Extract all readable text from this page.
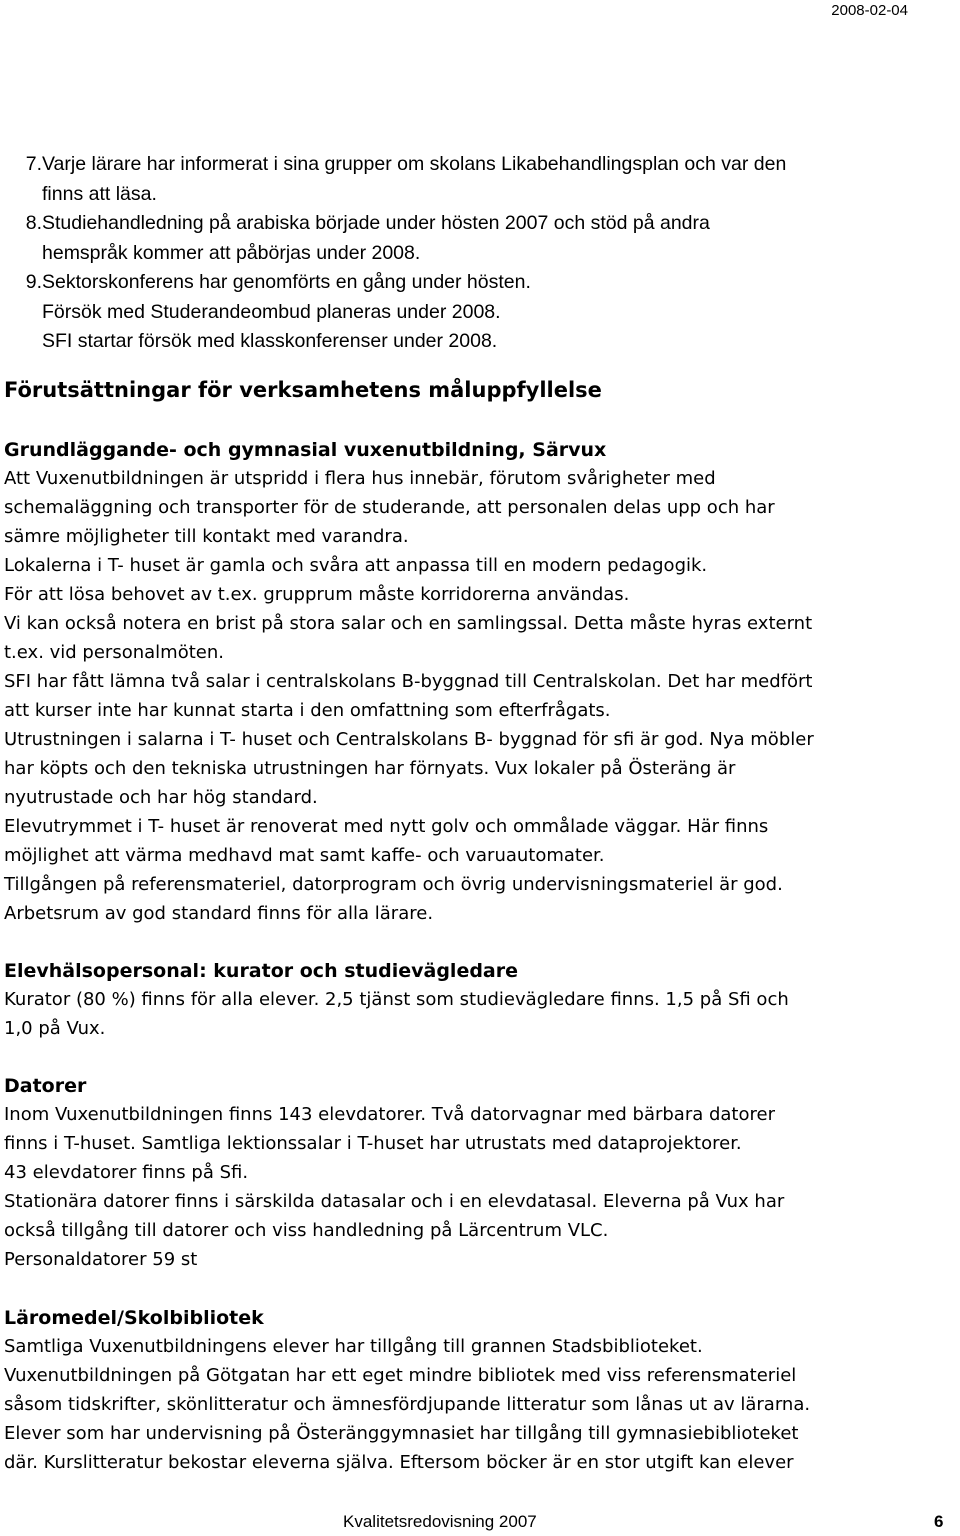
2008-02-04
7. Varje lärare har informerat i sina grupper om skolans Likabehandlingsplan och var den
finns att läsa.
8. Studiehandledning på arabiska började under hösten 2007 och stöd på andra
hemspråk kommer att påbörjas under 2008.
9. Sektorskonferens har genomförts en gång under hösten.
Försök med Studerandeombud planeras under 2008.
SFI startar försök med klasskonferenser under 2008.
Förutsättningar för verksamhetens måluppfyllelse
Grundläggande- och gymnasial vuxenutbildning, Särvux
Att Vuxenutbildningen är utspridd i flera hus innebär, förutom svårigheter med
schemaläggning och transporter för de studerande, att personalen delas upp och har
sämre möjligheter till kontakt med varandra.
Lokalerna i T- huset är gamla och svåra att anpassa till en modern pedagogik.
För att lösa behovet av t.ex. grupprum måste korridorerna användas.
Vi kan också notera en brist på stora salar och en samlingssal. Detta måste hyras externt
t.ex. vid personalmöten.
SFI har fått lämna två salar i centralskolans B-byggnad till Centralskolan. Det har medfört
att kurser inte har kunnat starta i den omfattning som efterfrågats.
Utrustningen i salarna i T- huset och Centralskolans B- byggnad för sfi är god. Nya möbler
har köpts och den tekniska utrustningen har förnyats. Vux lokaler på Österäng är
nyutrustade och har hög standard.
Elevutrymmet i T- huset är renoverat med nytt golv och ommålade väggar. Här finns
möjlighet att värma medhavd mat samt kaffe- och varuautomater.
Tillgången på referensmateriel, datorprogram och övrig undervisningsmateriel är god.
Arbetsrum av god standard finns för alla lärare.
Elevhälsopersonal: kurator och studievägledare
Kurator (80 %) finns för alla elever. 2,5 tjänst som studievägledare finns. 1,5 på Sfi och
1,0 på Vux.
Datorer
Inom Vuxenutbildningen finns 143 elevdatorer. Två datorvagnar med bärbara datorer
finns i T-huset. Samtliga lektionssalar i T-huset har utrustats med dataprojektorer.
43 elevdatorer finns på Sfi.
Stationära datorer finns i särskilda datasalar och i en elevdatasal. Eleverna på Vux har
också tillgång till datorer och viss handledning på Lärcentrum VLC.
Personaldatorer 59 st
Läromedel/Skolbibliotek
Samtliga Vuxenutbildningens elever har tillgång till grannen Stadsbiblioteket.
Vuxenutbildningen på Götgatan har ett eget mindre bibliotek med viss referensmateriel
såsom tidskrifter, skönlitteratur och ämnesfördjupande litteratur som lånas ut av lärarna.
Elever som har undervisning på Österänggymnasiet har tillgång till gymnasiebiblioteket
där. Kurslitteratur bekostar eleverna själva. Eftersom böcker är en stor utgift kan elever
Kvalitetsredovisning 2007	6
